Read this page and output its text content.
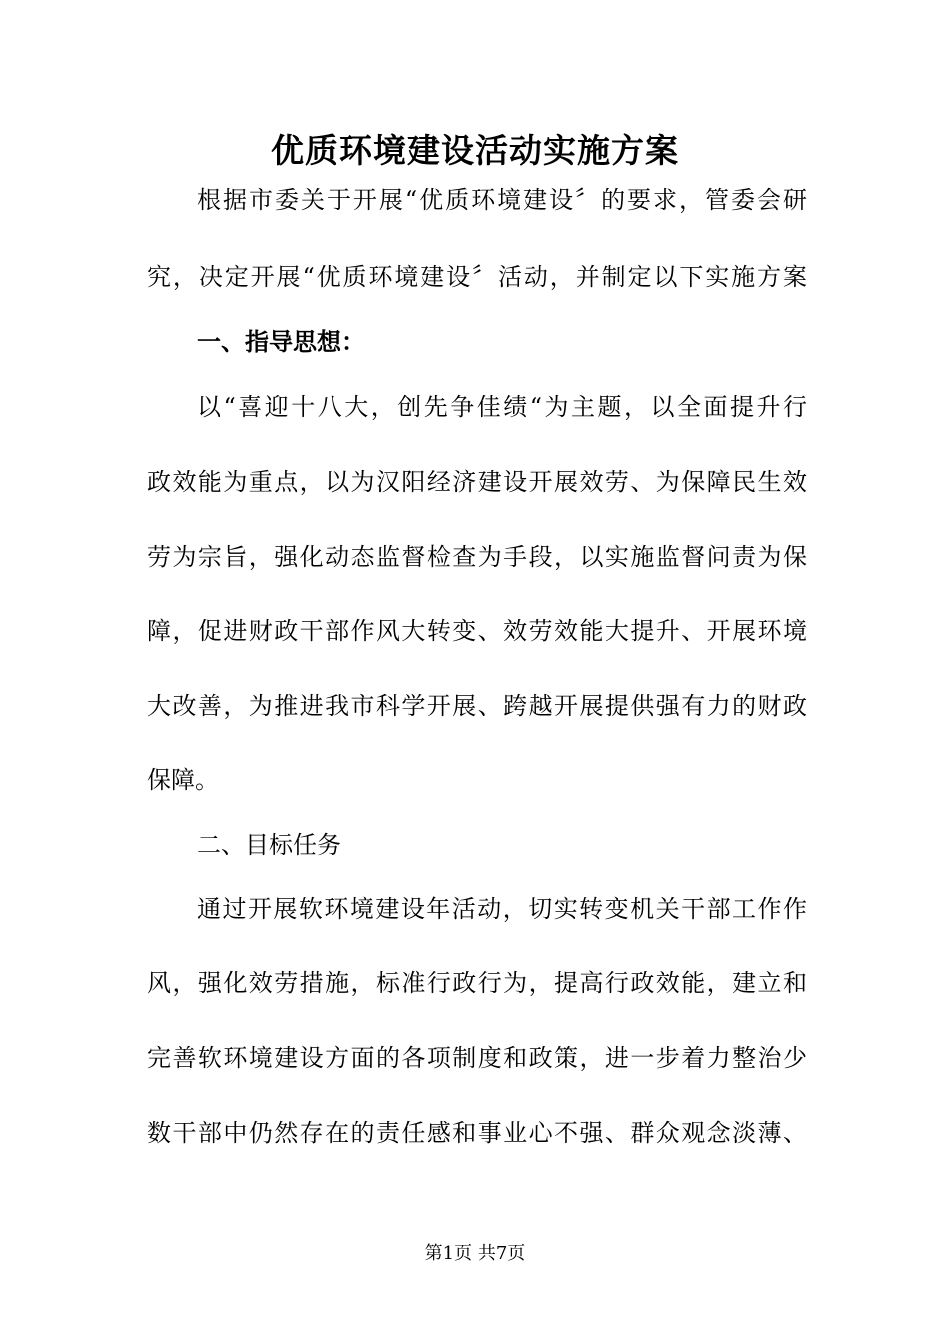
优质环境建设活动实施方案

根据市委关于开展“优质环境建设〞的要求，管委会研

究，决定开展“优质环境建设〞活动，并制定以下实施方案

一、指导思想：

以“喜迎十八大，创先争佳绩“为主题，以全面提升行

政效能为重点，以为汉阳经济建设开展效劳、为保障民生效

劳为宗旨，强化动态监督检查为手段，以实施监督问责为保

障，促进财政干部作风大转变、效劳效能大提升、开展环境

大改善，为推进我市科学开展、跨越开展提供强有力的财政

保障。

二、目标任务

通过开展软环境建设年活动，切实转变机关干部工作作

风，强化效劳措施，标准行政行为，提高行政效能，建立和

完善软环境建设方面的各项制度和政策，进一步着力整治少

数干部中仍然存在的责任感和事业心不强、群众观念淡薄、

第1页 共7页
